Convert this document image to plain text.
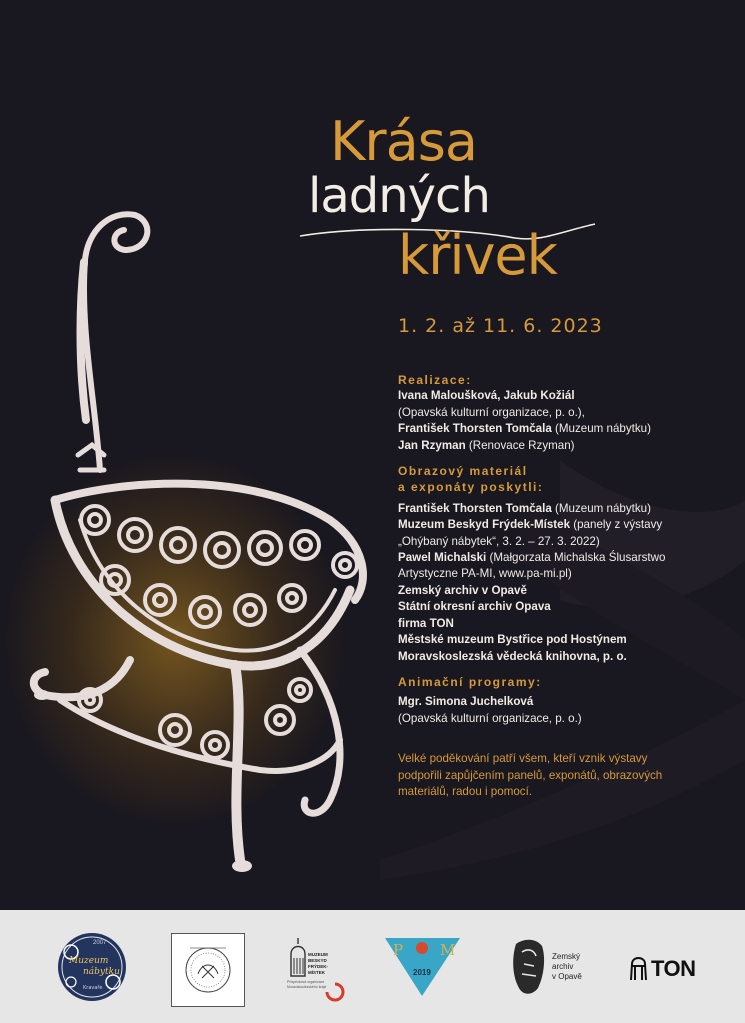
Krása
ladných
křivek
1. 2. až 11. 6. 2023
Realizace:
Ivana Maloušková, Jakub Kožiál
(Opavská kulturní organizace, p. o.),
František Thorsten Tomčala (Muzeum nábytku)
Jan Rzyman (Renovace Rzyman)
Obrazový materiál
a exponáty poskytli:
František Thorsten Tomčala (Muzeum nábytku)
Muzeum Beskyd Frýdek-Místek (panely z výstavy
„Ohýbaný nábytek“, 3. 2. – 27. 3. 2022)
Pawel Michalski (Małgorzata Michalska Ślusarstwo
Artystyczne PA-MI, www.pa-mi.pl)
Zemský archiv v Opavě
Státní okresní archiv Opava
firma TON
Městské muzeum Bystřice pod Hostýnem
Moravskoslezská vědecká knihovna, p. o.
Animační programy:
Mgr. Simona Juchelková
(Opavská kulturní organizace, p. o.)
Velké poděkování patří všem, kteří vznik výstavy
podpořili zapůjčením panelů, exponátů, obrazových
materiálů, radou i pomocí.
2007
Muzeum
nábytku
Kravaře
MUZEUM BESKYD FRÝDEK-MÍSTEK
Příspěvková organizace Moravskoslezského kraje
P M
2019
Zemský
archiv
v Opavě	TON
